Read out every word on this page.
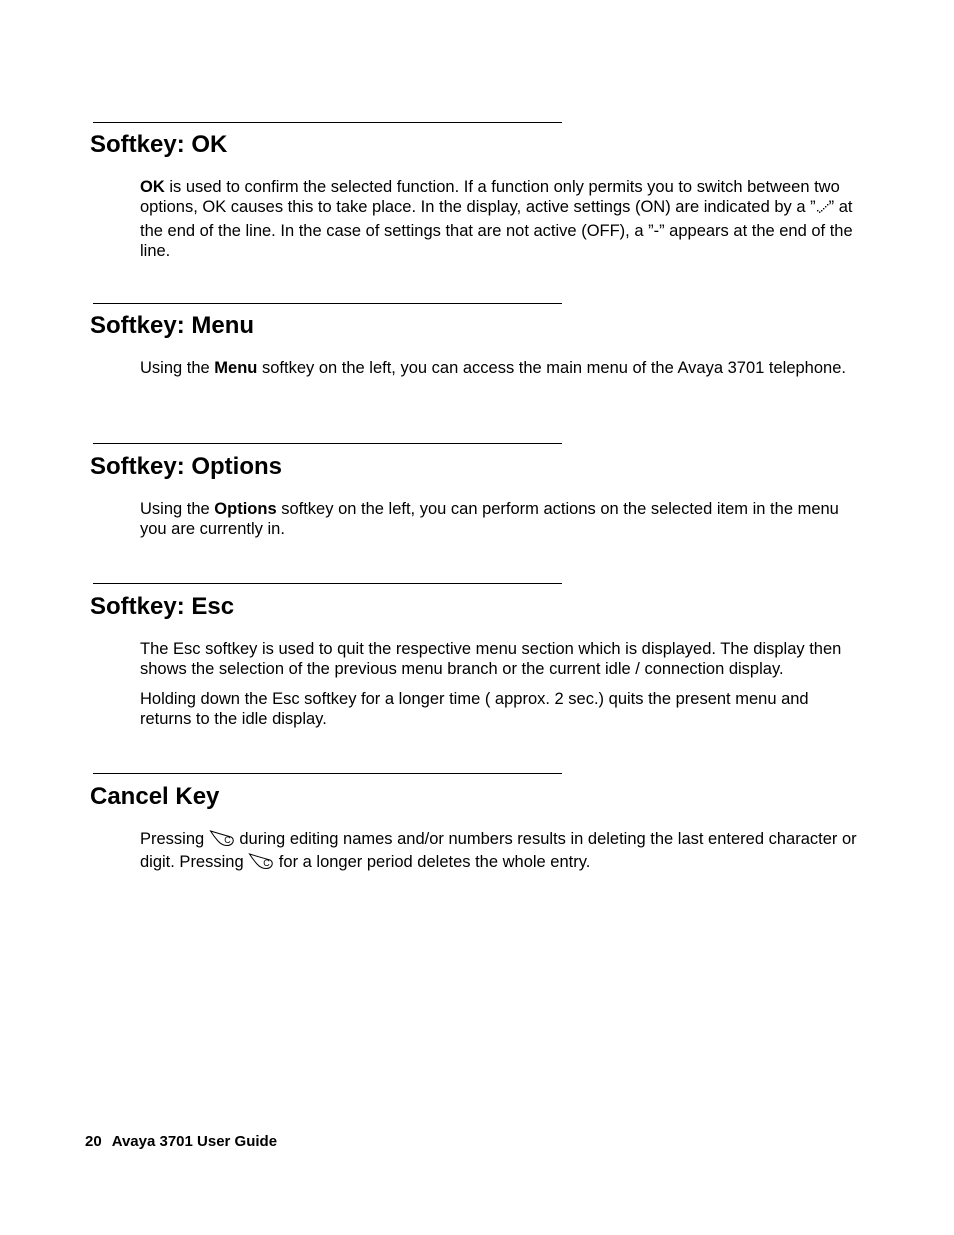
Softkey: OK

OK is used to confirm the selected function. If a function only permits you to switch between two options, OK causes this to take place. In the display, active settings (ON) are indicated by a ” ” at the end of the line. In the case of settings that are not active (OFF), a ”-” appears at the end of the line.

Softkey: Menu

Using the Menu softkey on the left, you can access the main menu of the Avaya 3701 telephone.

Softkey: Options

Using the Options softkey on the left, you can perform actions on the selected item in the menu you are currently in.

Softkey: Esc

The Esc softkey is used to quit the respective menu section which is displayed. The display then shows the selection of the previous menu branch or the current idle / connection display.

Holding down the Esc softkey for a longer time ( approx. 2 sec.) quits the present menu and returns to the idle display.

Cancel Key

Pressing C during editing names and/or numbers results in deleting the last entered character or digit. Pressing C for a longer period deletes the whole entry.

20 Avaya 3701 User Guide
